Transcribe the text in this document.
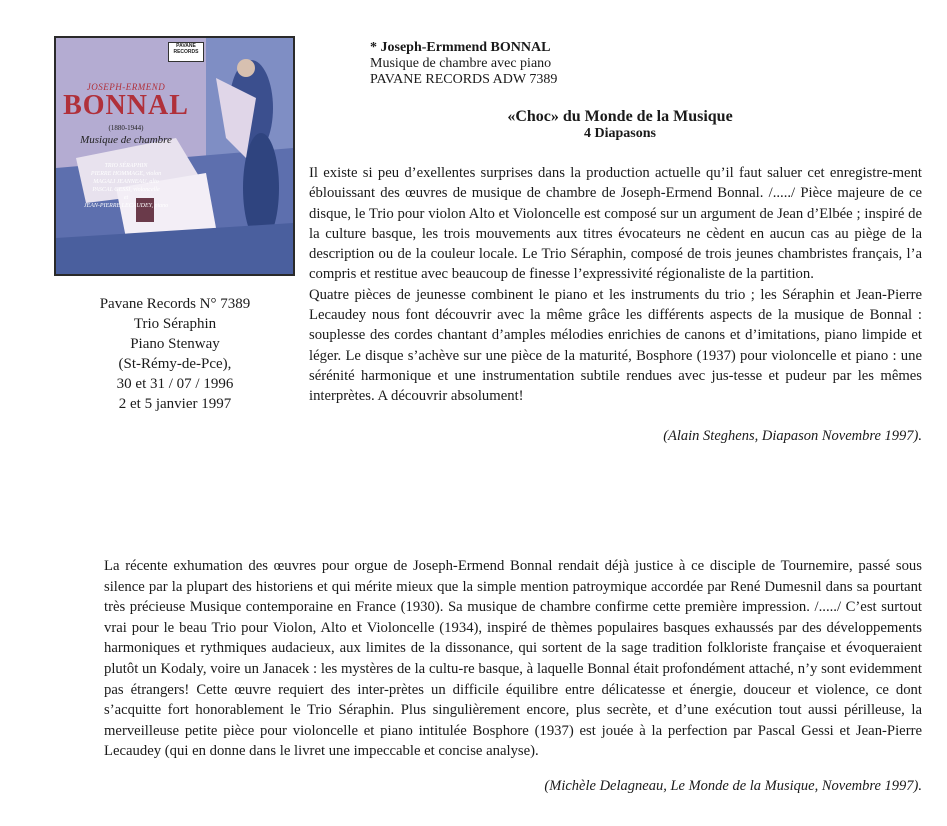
PAVANE RECORDS
JOSEPH-ERMEND
BONNAL
(1880-1944)
Musique de chambre
TRIO SÉRAPHIN
PIERRE HOMMAGE, violon
MAGALI JEANNEAU, alto
PASCAL GESSI, violoncelle
et
JEAN-PIERRE LECAUDEY, piano
Pavane Records N° 7389
Trio Séraphin
Piano Stenway
(St-Rémy-de-Pce),
30 et 31 / 07 / 1996
2 et 5 janvier 1997
* Joseph-Ermmend BONNAL
Musique de chambre avec piano
PAVANE RECORDS ADW 7389
«Choc» du Monde de la Musique
4 Diapasons

Il existe si peu d’exellentes surprises dans la production actuelle qu’il faut saluer cet enregistre-ment éblouissant des œuvres de musique de chambre de Joseph-Ermend Bonnal. /...../ Pièce majeure de ce disque, le Trio pour violon Alto et Violoncelle est composé sur un argument de Jean d’Elbée ; inspiré de la culture basque, les trois mouvements aux titres évocateurs ne cèdent en aucun cas au piège de la description ou de la couleur locale. Le Trio Séraphin, composé de trois jeunes chambristes français, l’a compris et restitue avec beaucoup de finesse l’expressivité régionaliste de la partition.

Quatre pièces de jeunesse combinent le piano et les instruments du trio ; les Séraphin et Jean-Pierre Lecaudey nous font découvrir avec la même grâce les différents aspects de la musique de Bonnal : souplesse des cordes chantant d’amples mélodies enrichies de canons et d’imitations, piano limpide et léger. Le disque s’achève sur une pièce de la maturité, Bosphore (1937) pour violoncelle et piano : une sérénité harmonique et une instrumentation subtile rendues avec jus-tesse et pudeur par les mêmes interprètes. A découvrir absolument!

(Alain Steghens, Diapason Novembre 1997).

La récente exhumation des œuvres pour orgue de Joseph-Ermend Bonnal rendait déjà justice à ce disciple de Tournemire, passé sous silence par la plupart des historiens et qui mérite mieux que la simple mention patroymique accordée par René Dumesnil dans sa pourtant très précieuse Musique contemporaine en France (1930). Sa musique de chambre confirme cette première impression. /...../ C’est surtout vrai pour le beau Trio pour Violon, Alto et Violoncelle (1934), inspiré de thèmes populaires basques exhaussés par des développements harmoniques et rythmiques audacieux, aux limites de la dissonance, qui sortent de la sage tradition folkloriste française et évoqueraient plutôt un Kodaly, voire un Janacek : les mystères de la cultu-re basque, à laquelle Bonnal était profondément attaché, n’y sont evidemment pas étrangers! Cette œuvre requiert des inter-prètes un difficile équilibre entre délicatesse et énergie, douceur et violence, ce dont s’acquitte fort honorablement le Trio Séraphin. Plus singulièrement encore, plus secrète, et d’une exécution tout aussi périlleuse, la merveilleuse petite pièce pour violoncelle et piano intitulée Bosphore (1937) est jouée à la perfection par Pascal Gessi et Jean-Pierre Lecaudey (qui en donne dans le livret une impeccable et concise analyse).

(Michèle Delagneau, Le Monde de la Musique, Novembre 1997).
